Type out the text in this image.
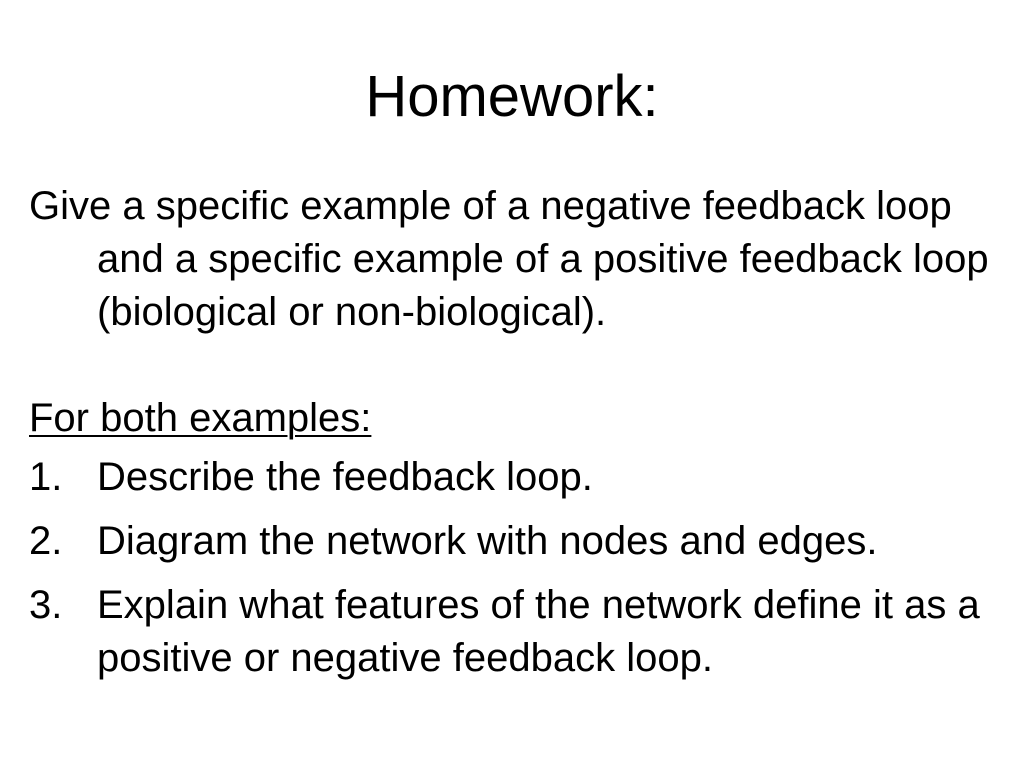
Homework:

Give a specific example of a negative feedback loop and a specific example of a positive feedback loop (biological or non-biological).

For both examples:

1. Describe the feedback loop.
2. Diagram the network with nodes and edges.
3. Explain what features of the network define it as a positive or negative feedback loop.
